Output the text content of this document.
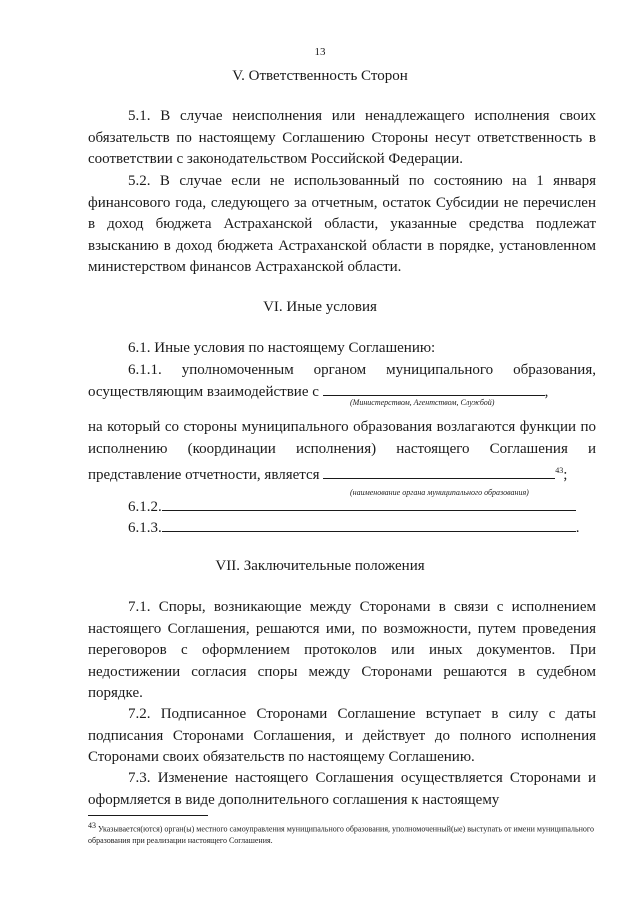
13
V. Ответственность Сторон

5.1. В случае неисполнения или ненадлежащего исполнения своих обязательств по настоящему Соглашению Стороны несут ответственность в соответствии с законодательством Российской Федерации.

5.2. В случае если не использованный по состоянию на 1 января финансового года, следующего за отчетным, остаток Субсидии не перечислен в доход бюджета Астраханской области, указанные средства подлежат взысканию в доход бюджета Астраханской области в порядке, установленном министерством финансов Астраханской области.

VI. Иные условия

6.1. Иные условия по настоящему Соглашению:

6.1.1. уполномоченным органом муниципального образования, осуществляющим взаимодействие с	,

(Министерством, Агентством, Службой)

на который со стороны муниципального образования возлагаются функции по исполнению (координации исполнения) настоящего Соглашения и представление отчетности, является	$^{43}$;

(наименование органа муниципального образования)

6.1.2.

6.1.3.	.

VII. Заключительные положения

7.1. Споры, возникающие между Сторонами в связи с исполнением настоящего Соглашения, решаются ими, по возможности, путем проведения переговоров с оформлением протоколов или иных документов. При недостижении согласия споры между Сторонами решаются в судебном порядке.

7.2. Подписанное Сторонами Соглашение вступает в силу с даты подписания Сторонами Соглашения, и действует до полного исполнения Сторонами своих обязательств по настоящему Соглашению.

7.3. Изменение настоящего Соглашения осуществляется Сторонами и оформляется в виде дополнительного соглашения к настоящему

$^{43}$ Указывается(ются) орган(ы) местного самоуправления муниципального образования, уполномоченный(ые) выступать от имени муниципального образования при реализации настоящего Соглашения.
